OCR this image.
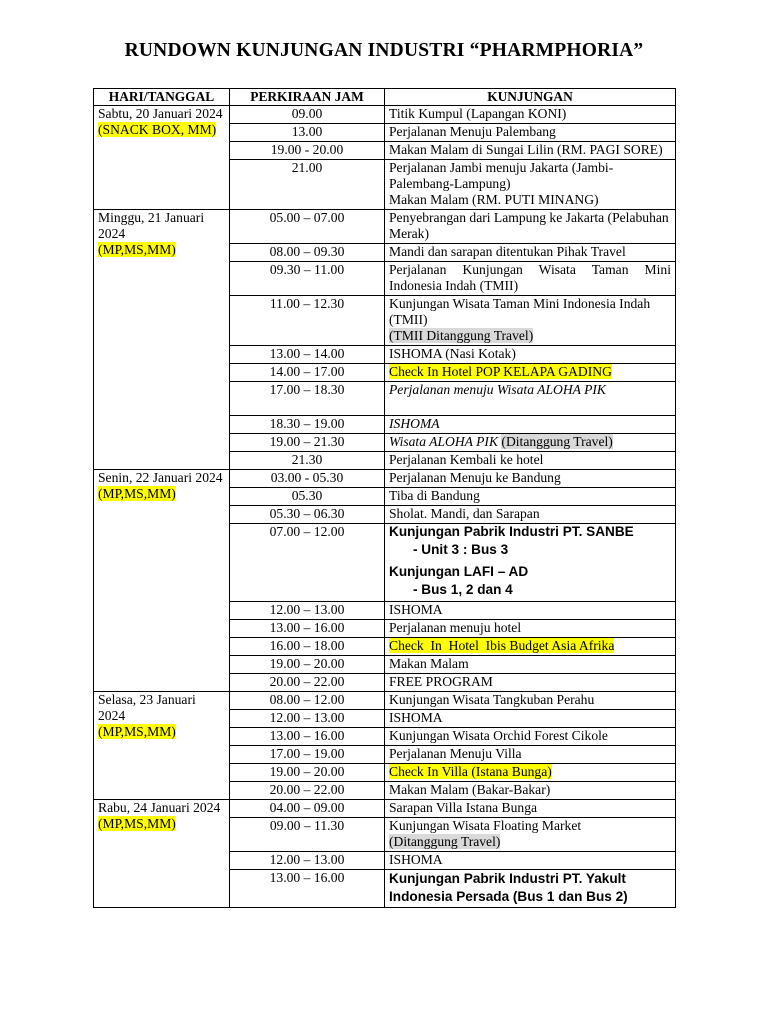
RUNDOWN KUNJUNGAN INDUSTRI “PHARMPHORIA”
HARI/TANGGAL	PERKIRAAN JAM	KUNJUNGAN

Sabtu, 20 Januari 2024
(SNACK BOX, MM)	09.00	Titik Kumpul (Lapangan KONI)
	13.00	Perjalanan Menuju Palembang
	19.00 - 20.00	Makan Malam di Sungai Lilin (RM. PAGI SORE)
	21.00	Perjalanan Jambi menuju Jakarta (Jambi-Palembang-Lampung)
Makan Malam (RM. PUTI MINANG)

Minggu, 21 Januari 2024
(MP,MS,MM)	05.00 – 07.00	Penyebrangan dari Lampung ke Jakarta (Pelabuhan Merak)
	08.00 – 09.30	Mandi dan sarapan ditentukan Pihak Travel
	09.30 – 11.00	Perjalanan Kunjungan Wisata Taman Mini Indonesia Indah (TMII)
	11.00 – 12.30	Kunjungan Wisata Taman Mini Indonesia Indah (TMII)
(TMII Ditanggung Travel)
	13.00 – 14.00	ISHOMA (Nasi Kotak)
	14.00 – 17.00	Check In Hotel POP KELAPA GADING
	17.00 – 18.30	Perjalanan menuju Wisata ALOHA PIK
	18.30 – 19.00	ISHOMA
	19.00 – 21.30	Wisata ALOHA PIK (Ditanggung Travel)
	21.30	Perjalanan Kembali ke hotel

Senin, 22 Januari 2024
(MP,MS,MM)	03.00 - 05.30	Perjalanan Menuju ke Bandung
	05.30	Tiba di Bandung
	05.30 – 06.30	Sholat. Mandi, dan Sarapan
	07.00 – 12.00	Kunjungan Pabrik Industri PT. SANBE
- Unit 3 : Bus 3
Kunjungan LAFI – AD
- Bus 1, 2 dan 4

	12.00 – 13.00	ISHOMA
	13.00 – 16.00	Perjalanan menuju hotel
	16.00 – 18.00	Check  In  Hotel  Ibis Budget Asia Afrika
	19.00 – 20.00	Makan Malam
	20.00 – 22.00	FREE PROGRAM

Selasa, 23 Januari 2024
(MP,MS,MM)	08.00 – 12.00	Kunjungan Wisata Tangkuban Perahu
	12.00 – 13.00	ISHOMA
	13.00 – 16.00	Kunjungan Wisata Orchid Forest Cikole
	17.00 – 19.00	Perjalanan Menuju Villa
	19.00 – 20.00	Check In Villa (Istana Bunga)
	20.00 – 22.00	Makan Malam (Bakar-Bakar)

Rabu, 24 Januari 2024
(MP,MS,MM)	04.00 – 09.00	Sarapan Villa Istana Bunga
	09.00 – 11.30	Kunjungan Wisata Floating Market
(Ditanggung Travel)
	12.00 – 13.00	ISHOMA
	13.00 – 16.00	Kunjungan Pabrik Industri PT. Yakult Indonesia Persada (Bus 1 dan Bus 2)
